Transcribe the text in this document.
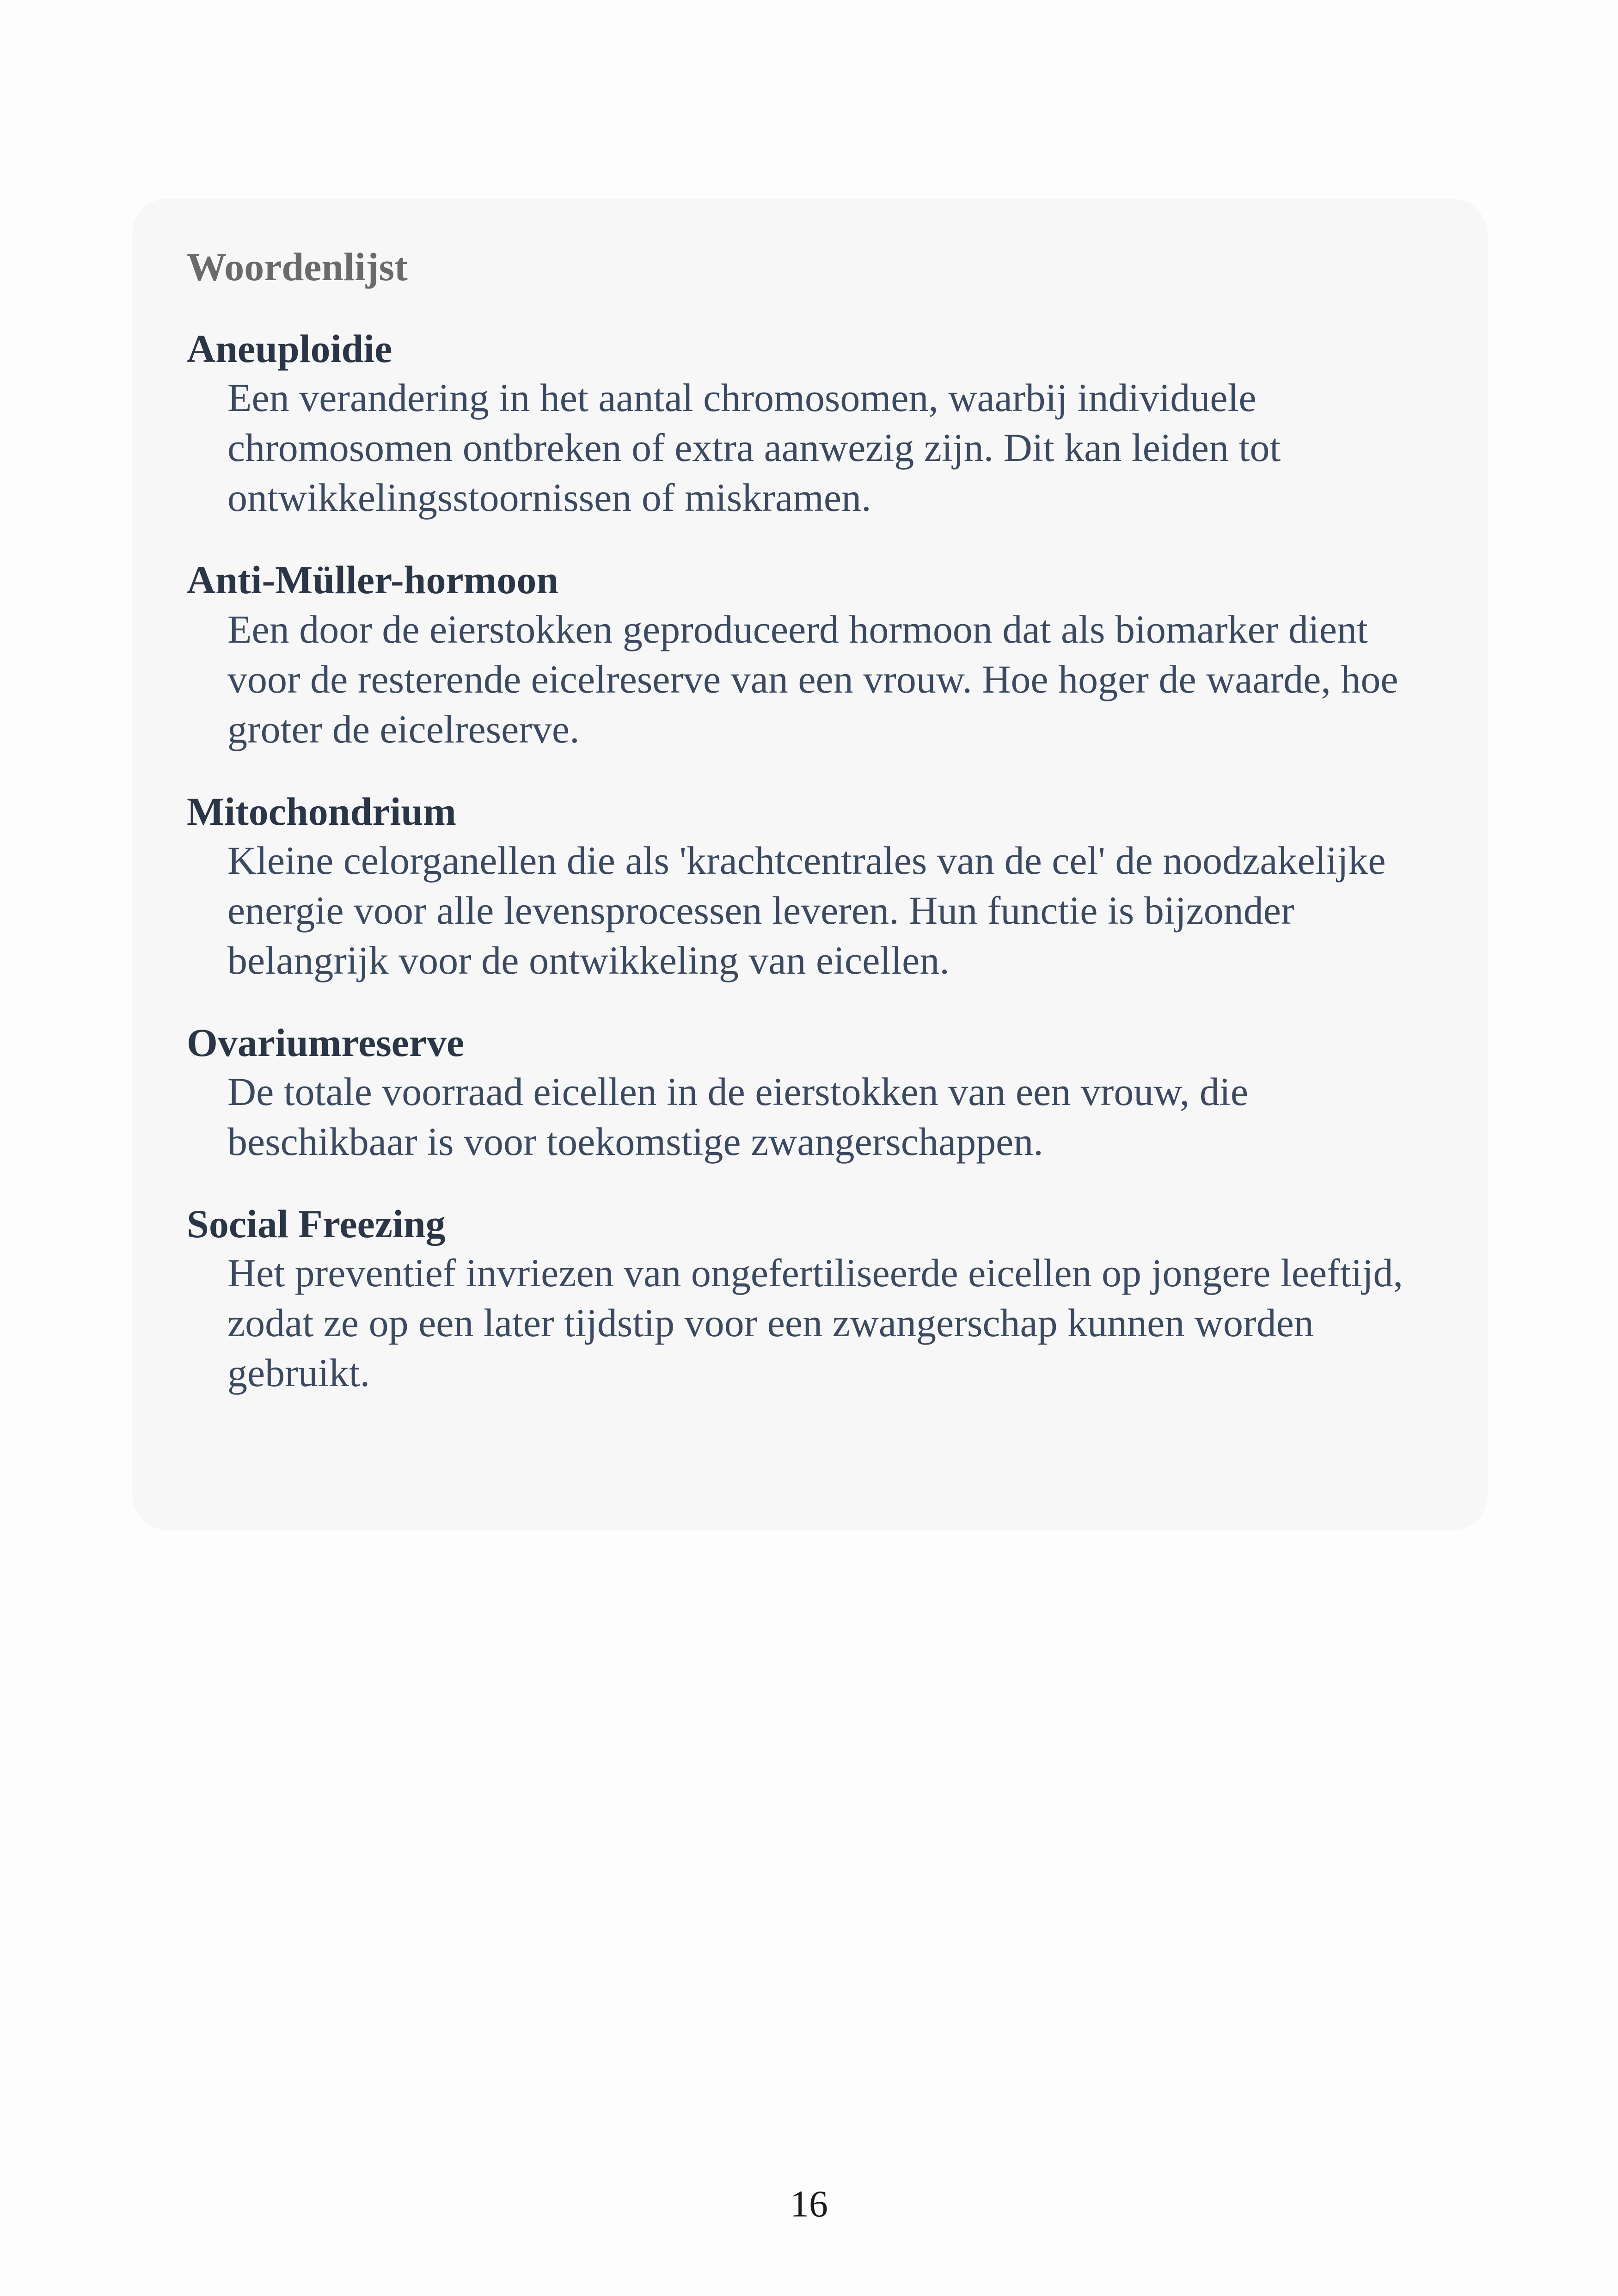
Woordenlijst
Aneuploidie
Een verandering in het aantal chromosomen, waarbij individuele chromosomen ontbreken of extra aanwezig zijn. Dit kan leiden tot ontwikkelingsstoornissen of miskramen.
Anti-Müller-hormoon
Een door de eierstokken geproduceerd hormoon dat als biomarker dient voor de resterende eicelreserve van een vrouw. Hoe hoger de waarde, hoe groter de eicelreserve.
Mitochondrium
Kleine celorganellen die als 'krachtcentrales van de cel' de noodzakelijke energie voor alle levensprocessen leveren. Hun functie is bijzonder belangrijk voor de ontwikkeling van eicellen.
Ovariumreserve
De totale voorraad eicellen in de eierstokken van een vrouw, die beschikbaar is voor toekomstige zwangerschappen.
Social Freezing
Het preventief invriezen van ongefertiliseerde eicellen op jongere leeftijd, zodat ze op een later tijdstip voor een zwangerschap kunnen worden gebruikt.
16
